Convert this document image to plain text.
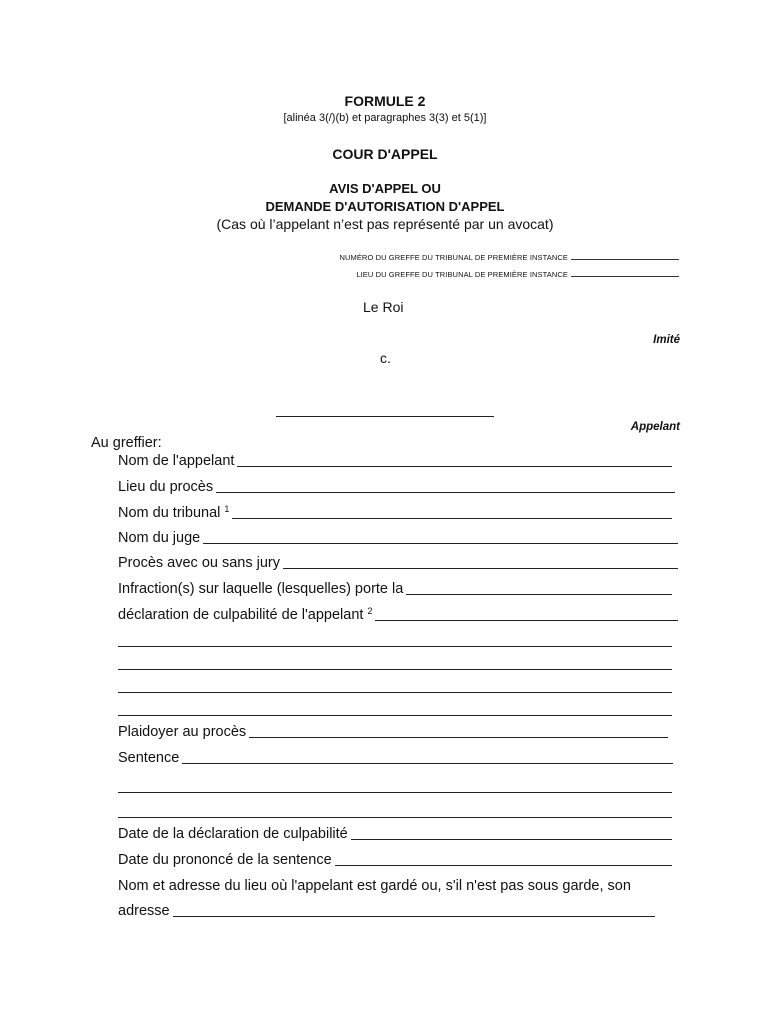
FORMULE 2
[alinéa 3(/)(b) et paragraphes 3(3) et 5(1)]
COUR D'APPEL
AVIS D'APPEL OU
DEMANDE D'AUTORISATION D'APPEL
(Cas où l’appelant n’est pas représenté par un avocat)
NUMÉRO DU GREFFE DU TRIBUNAL DE PREMIÈRE INSTANCE
LIEU DU GREFFE DU TRIBUNAL DE PREMIÈRE INSTANCE
Le Roi
Imité
c.
Appelant
Au greffier:
Nom de l'appelant
Lieu du procès
Nom du tribunal $^1$
Nom du juge
Procès avec ou sans jury
Infraction(s) sur laquelle (lesquelles) porte la
déclaration de culpabilité de l'appelant $^2$
Plaidoyer au procès
Sentence
Date de la déclaration de culpabilité
Date du prononcé de la sentence
Nom et adresse du lieu où l'appelant est gardé ou, s'il n'est pas sous garde, son
adresse
